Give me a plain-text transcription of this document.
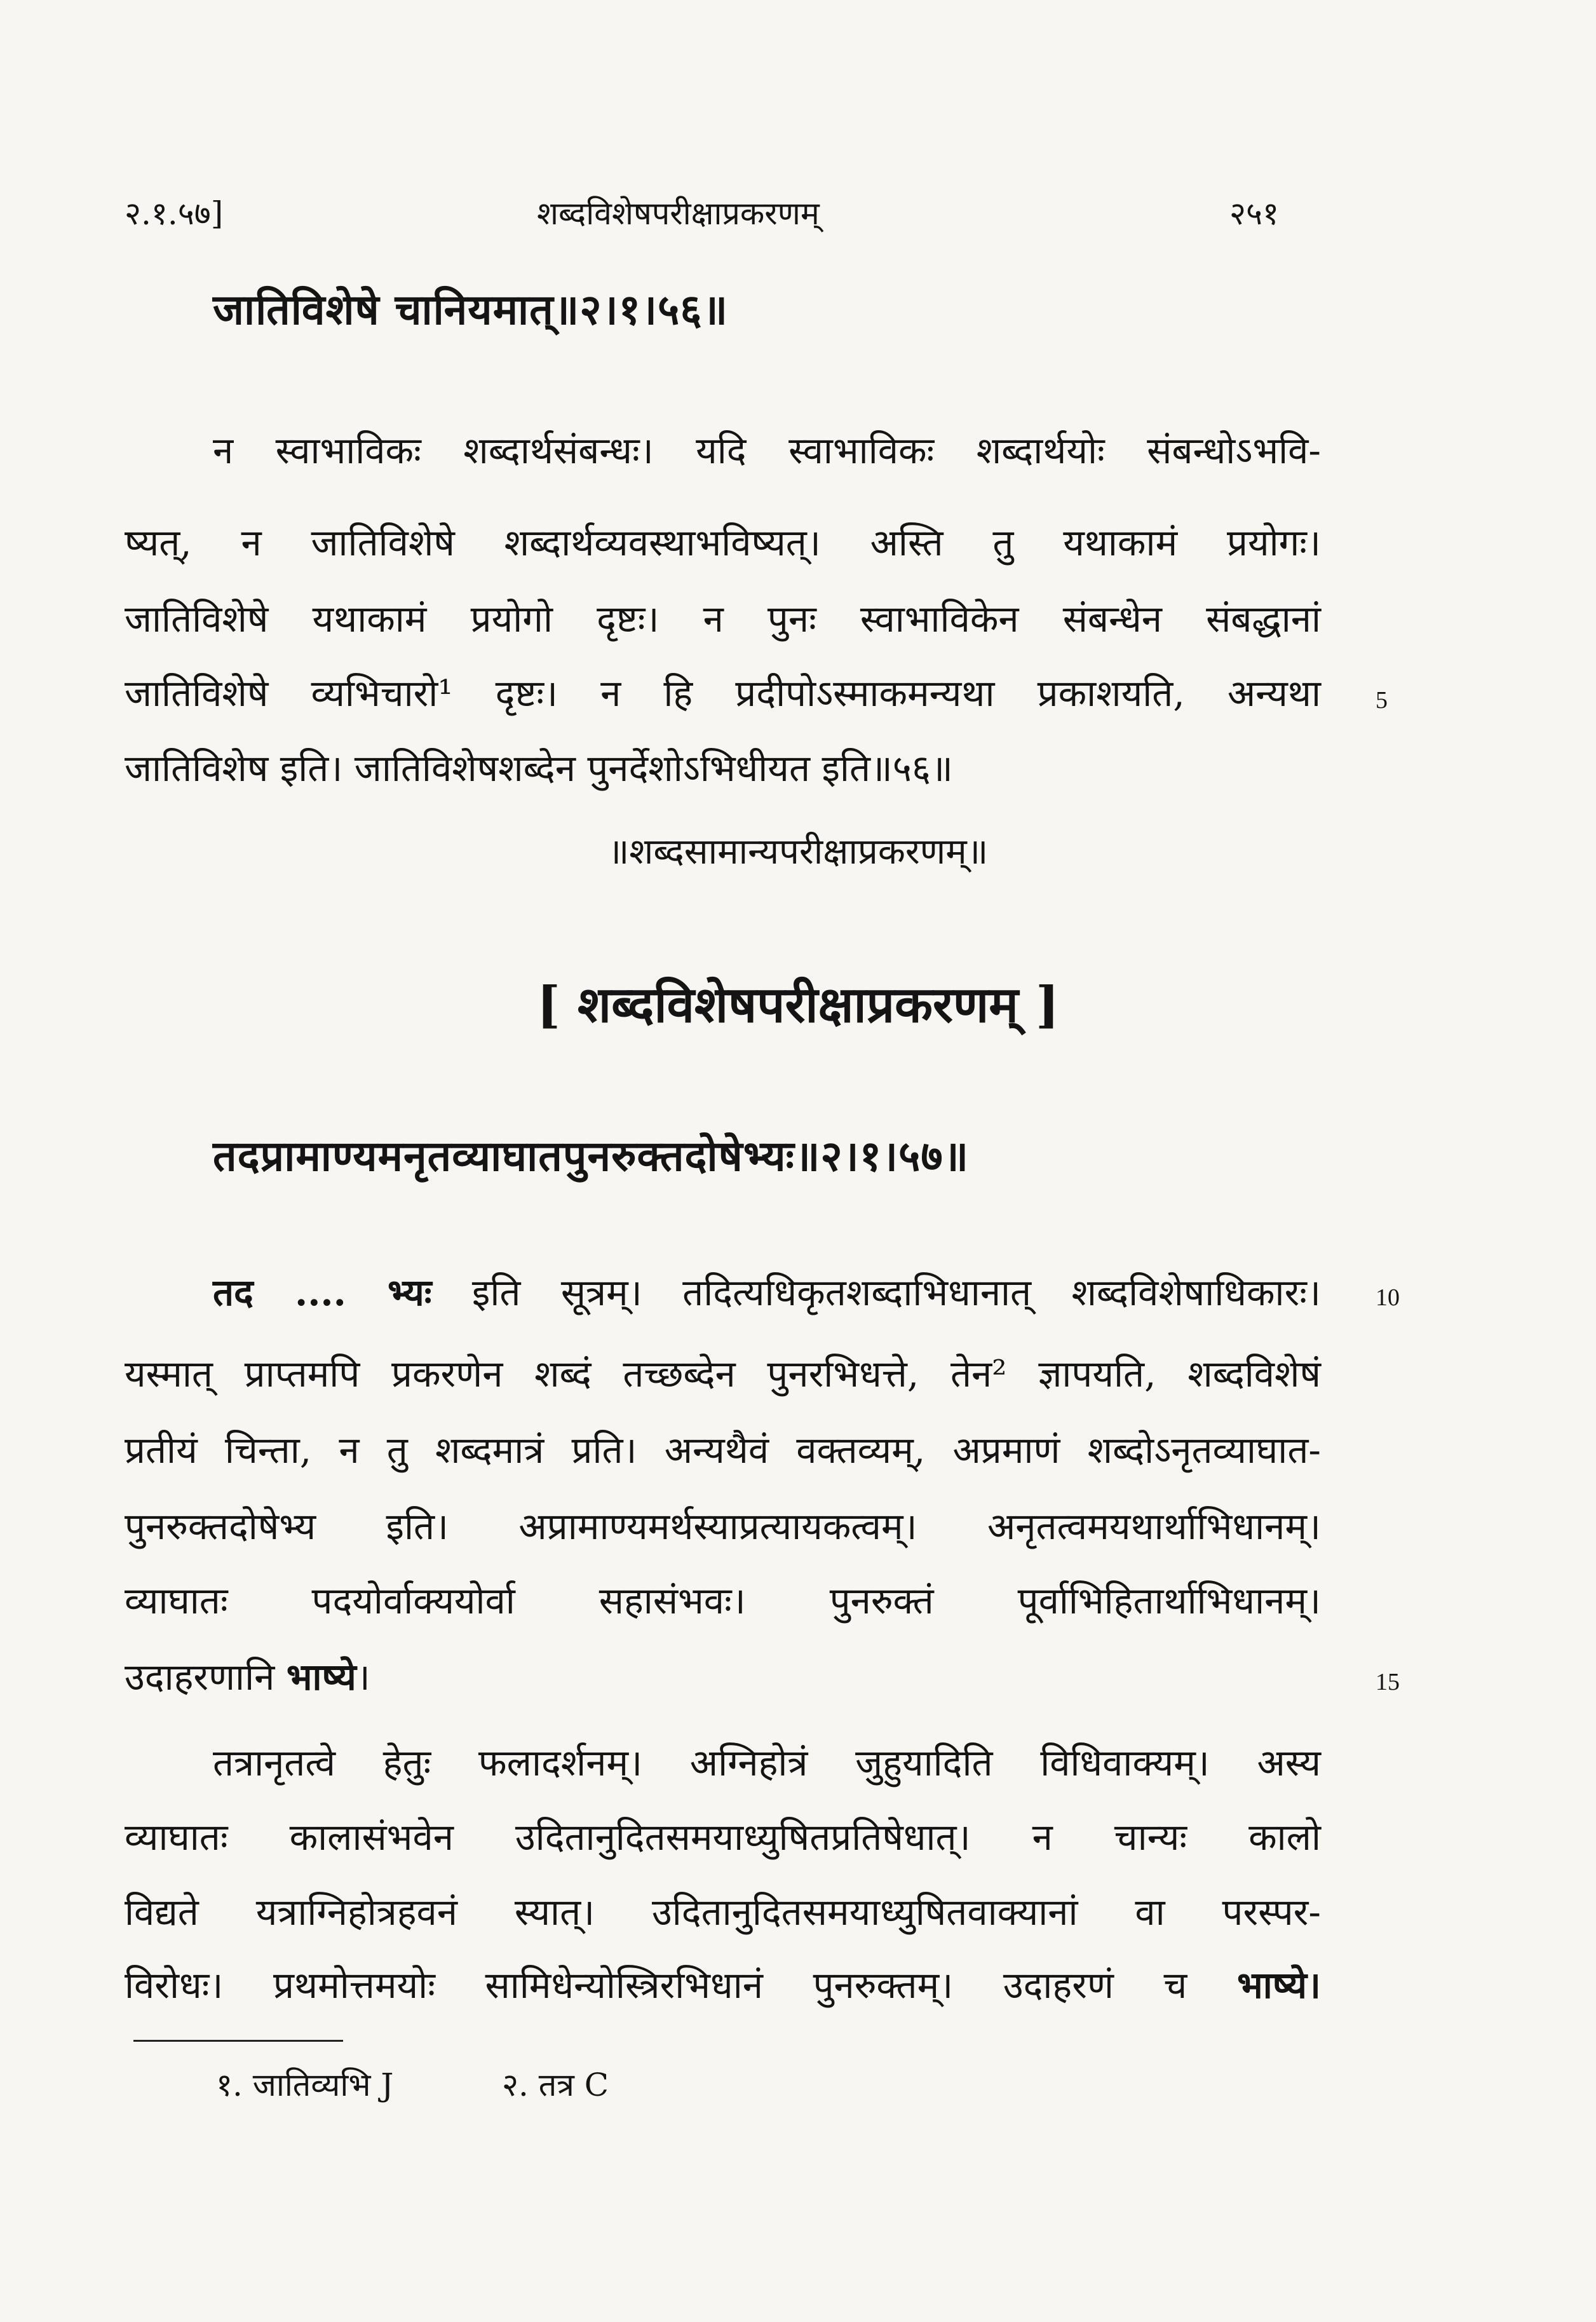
२.१.५७]	शब्दविशेषपरीक्षाप्रकरणम्	२५१
जातिविशेषे चानियमात्॥२।१।५६॥
न स्वाभाविकः शब्दार्थसंबन्धः। यदि स्वाभाविकः शब्दार्थयोः संबन्धोऽभवि-
ष्यत्, न जातिविशेषे शब्दार्थव्यवस्थाभविष्यत्। अस्ति तु यथाकामं प्रयोगः।
जातिविशेषे यथाकामं प्रयोगो दृष्टः। न पुनः स्वाभाविकेन संबन्धेन संबद्धानां
जातिविशेषे व्यभिचारो¹ दृष्टः। न हि प्रदीपोऽस्माकमन्यथा प्रकाशयति, अन्यथा
जातिविशेष इति। जातिविशेषशब्देन पुनर्देशोऽभिधीयत इति॥५६॥
5
॥शब्दसामान्यपरीक्षाप्रकरणम्॥
[ शब्दविशेषपरीक्षाप्रकरणम् ]
तदप्रामाण्यमनृतव्याघातपुनरुक्तदोषेभ्यः॥२।१।५७॥
तद .... भ्यः इति सूत्रम्। तदित्यधिकृतशब्दाभिधानात् शब्दविशेषाधिकारः। 10
यस्मात् प्राप्तमपि प्रकरणेन शब्दं तच्छब्देन पुनरभिधत्ते, तेन² ज्ञापयति, शब्दविशेषं
प्रतीयं चिन्ता, न तु शब्दमात्रं प्रति। अन्यथैवं वक्तव्यम्, अप्रमाणं शब्दोऽनृतव्याघात-
पुनरुक्तदोषेभ्य इति। अप्रामाण्यमर्थस्याप्रत्यायकत्वम्। अनृतत्वमयथार्थाभिधानम्।
व्याघातः पदयोर्वाक्ययोर्वा सहासंभवः। पुनरुक्तं पूर्वाभिहितार्थाभिधानम्।
उदाहरणानि भाष्ये।	15
तत्रानृतत्वे हेतुः फलादर्शनम्। अग्निहोत्रं जुहुयादिति विधिवाक्यम्। अस्य
व्याघातः कालासंभवेन उदितानुदितसमयाध्युषितप्रतिषेधात्। न चान्यः कालो
विद्यते यत्राग्निहोत्रहवनं स्यात्। उदितानुदितसमयाध्युषितवाक्यानां वा परस्पर-
विरोधः। प्रथमोत्तमयोः सामिधेन्योस्त्रिरभिधानं पुनरुक्तम्। उदाहरणं च भाष्ये।
१. जातिव्यभि J	२. तत्र C
